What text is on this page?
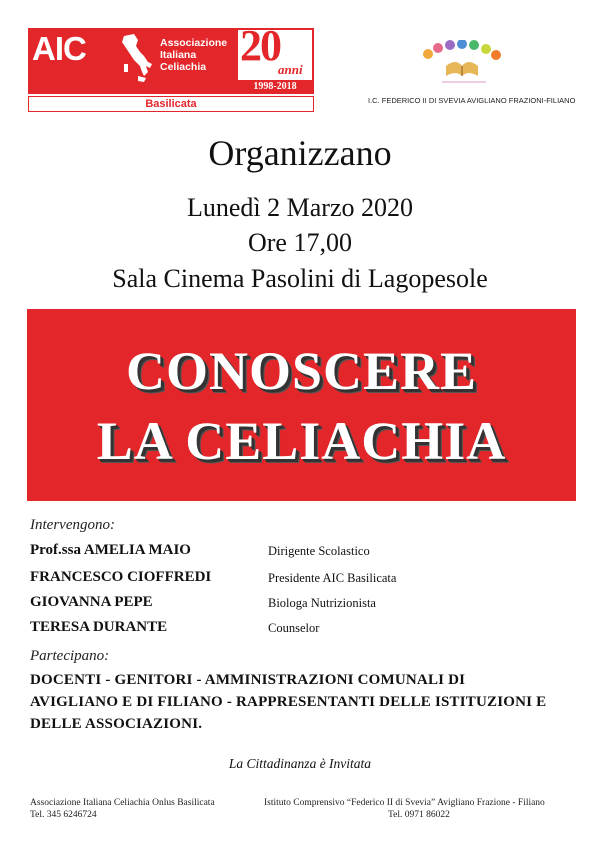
AIC	Associazione
Italiana
Celiachia 20
anni
1998-2018
Basilicata	I.C. FEDERICO II DI SVEVIA AVIGLIANO FRAZIONI-FILIANO
Organizzano
Lunedì 2 Marzo 2020
Ore 17,00
Sala Cinema Pasolini di Lagopesole
CONOSCERE
LA CELIACHIA
Intervengono:
Prof.ssa AMELIA MAIO	Dirigente Scolastico
FRANCESCO CIOFFREDI	Presidente AIC Basilicata
GIOVANNA PEPE	Biologa Nutrizionista
TERESA DURANTE	Counselor
Partecipano:
DOCENTI - GENITORI - AMMINISTRAZIONI COMUNALI DI AVIGLIANO E DI FILIANO - RAPPRESENTANTI DELLE ISTITUZIONI E DELLE ASSOCIAZIONI.
La Cittadinanza è Invitata
Associazione Italiana Celiachia Onlus Basilicata
Tel. 345 6246724
Istituto Comprensivo “Federico II di Svevia” Avigliano Frazione - Filiano
Tel. 0971 86022
